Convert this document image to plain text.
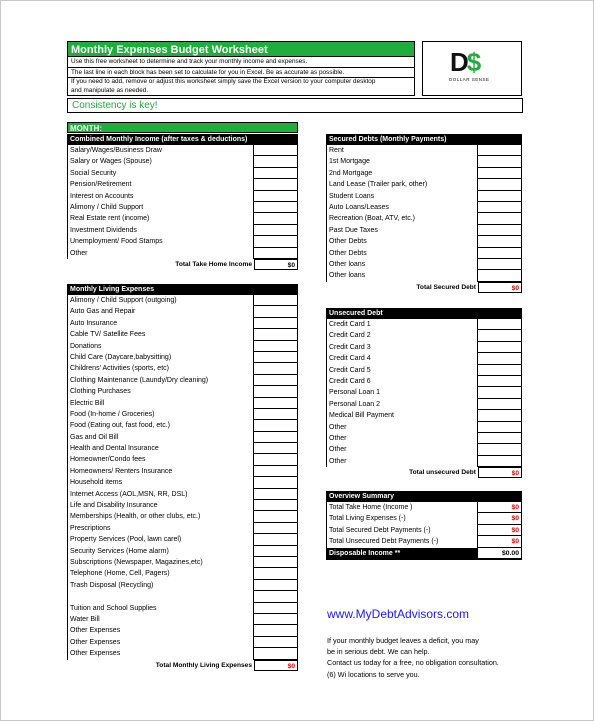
Monthly Expenses Budget Worksheet
Use this free worksheet to determine and track your monthly income and expenses.
The last line in each block has been set to calculate for you in Excel. Be as accurate as possible.
If you need to add, remove or adjust this worksheet simply save the Excel version to your computer desktop
and manipulate as needed.
Consistency is key!
D$
DOLLAR SENSE
MONTH:
Combined Monthly Income (after taxes & deductions)
Salary/Wages/Business Draw
Salary or Wages (Spouse)
Social Security
Pension/Retirement
Interest on Accounts
Alimony / Child Support
Real Estate rent (income)
Investment Dividends
Unemployment/ Food Stamps
Other
Total Take Home Income	$0
Monthly Living Expenses
Alimony / Child Support (outgoing)
Auto Gas and Repair
Auto Insurance
Cable TV/ Satellite Fees
Donations
Child Care (Daycare,babysitting)
Childrens' Activities (sports, etc)
Clothing Maintenance (Laundy/Dry cleaning)
Clothing Purchases
Electric Bill
Food (In-home / Groceries)
Food (Eating out, fast food, etc.)
Gas and Oil Bill
Health and Dental Insurance
Homeowner/Condo fees
Homeowners/ Renters Insurance
Household items
Internet Access (AOL,MSN, RR, DSL)
Life and Disability Insurance
Memberships (Health, or other clubs, etc.)
Prescriptions
Property Services (Pool, lawn carel)
Security Services (Home alarm)
Subscriptions (Newspaper, Magazines,etc)
Telephone (Home, Cell, Pagers)
Trash Disposal (Recycling)
Tuition and School Supplies
Water Bill
Other Expenses
Other Expenses
Other Expenses
Total Monthly Living Expenses	$0
Secured Debts (Monthly Payments)
Rent
1st Mortgage
2nd Mortgage
Land Lease (Trailer park, other)
Student Loans
Auto Loans/Leases
Recreation (Boat, ATV, etc.)
Past Due Taxes
Other Debts
Other Debts
Other loans
Other loans
Total Secured Debt	$0
Unsecured Debt
Credit Card 1
Credit Card 2
Credit Card 3
Credit Card 4
Credit Card 5
Credit Card 6
Personal Loan 1
Personal Loan 2
Medical Bill Payment
Other
Other
Other
Other
Total unsecured Debt	$0
Overview Summary
Total Take Home (Income )	$0
Total Living Expenses (-)	$0
Total Secured Debt Payments (-)	$0
Total Unsecured Debt Payments (-)	$0
Disposable Income **	$0.00
www.MyDebtAdvisors.com
If your monthly budget leaves a deficit, you may
be in serious debt. We can help.
Contact us today for a free, no obligation consultation.
(6) Wi locations to serve you.
